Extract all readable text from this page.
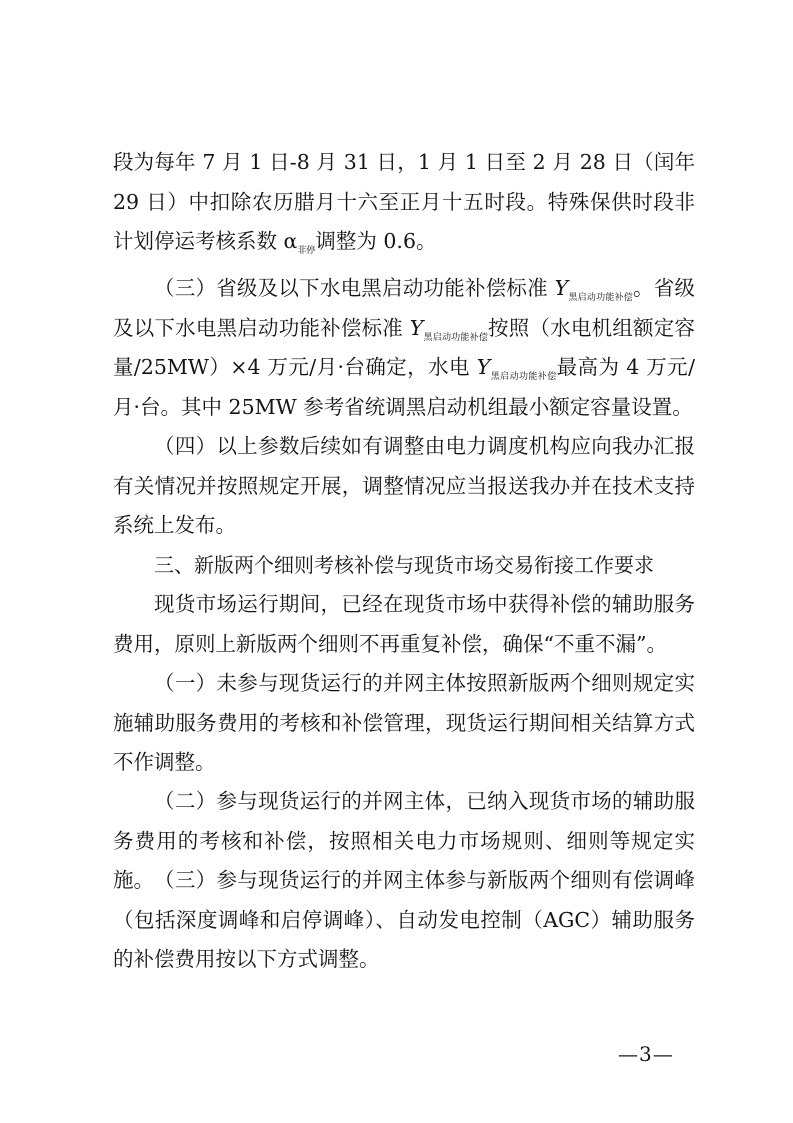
段为每年 7 月 1 日-8 月 31 日，1 月 1 日至 2 月 28 日（闰年 29 日）中扣除农历腊月十六至正月十五时段。特殊保供时段非计划停运考核系数 $\alpha_{非停}$调整为 0.6。

（三）省级及以下水电黑启动功能补偿标准 $Y_{黑启动功能补偿}$。省级及以下水电黑启动功能补偿标准 $Y_{黑启动功能补偿}$按照（水电机组额定容量/25MW）×4 万元/月·台确定，水电 $Y_{黑启动功能补偿}$最高为 4 万元/月·台。其中 25MW 参考省统调黑启动机组最小额定容量设置。

（四）以上参数后续如有调整由电力调度机构应向我办汇报有关情况并按照规定开展，调整情况应当报送我办并在技术支持系统上发布。

三、新版两个细则考核补偿与现货市场交易衔接工作要求

现货市场运行期间，已经在现货市场中获得补偿的辅助服务费用，原则上新版两个细则不再重复补偿，确保“不重不漏”。

（一）未参与现货运行的并网主体按照新版两个细则规定实施辅助服务费用的考核和补偿管理，现货运行期间相关结算方式不作调整。

（二）参与现货运行的并网主体，已纳入现货市场的辅助服务费用的考核和补偿，按照相关电力市场规则、细则等规定实施。 （三）参与现货运行的并网主体参与新版两个细则有偿调峰（包括深度调峰和启停调峰）、自动发电控制（AGC）辅助服务的补偿费用按以下方式调整。

—3—
